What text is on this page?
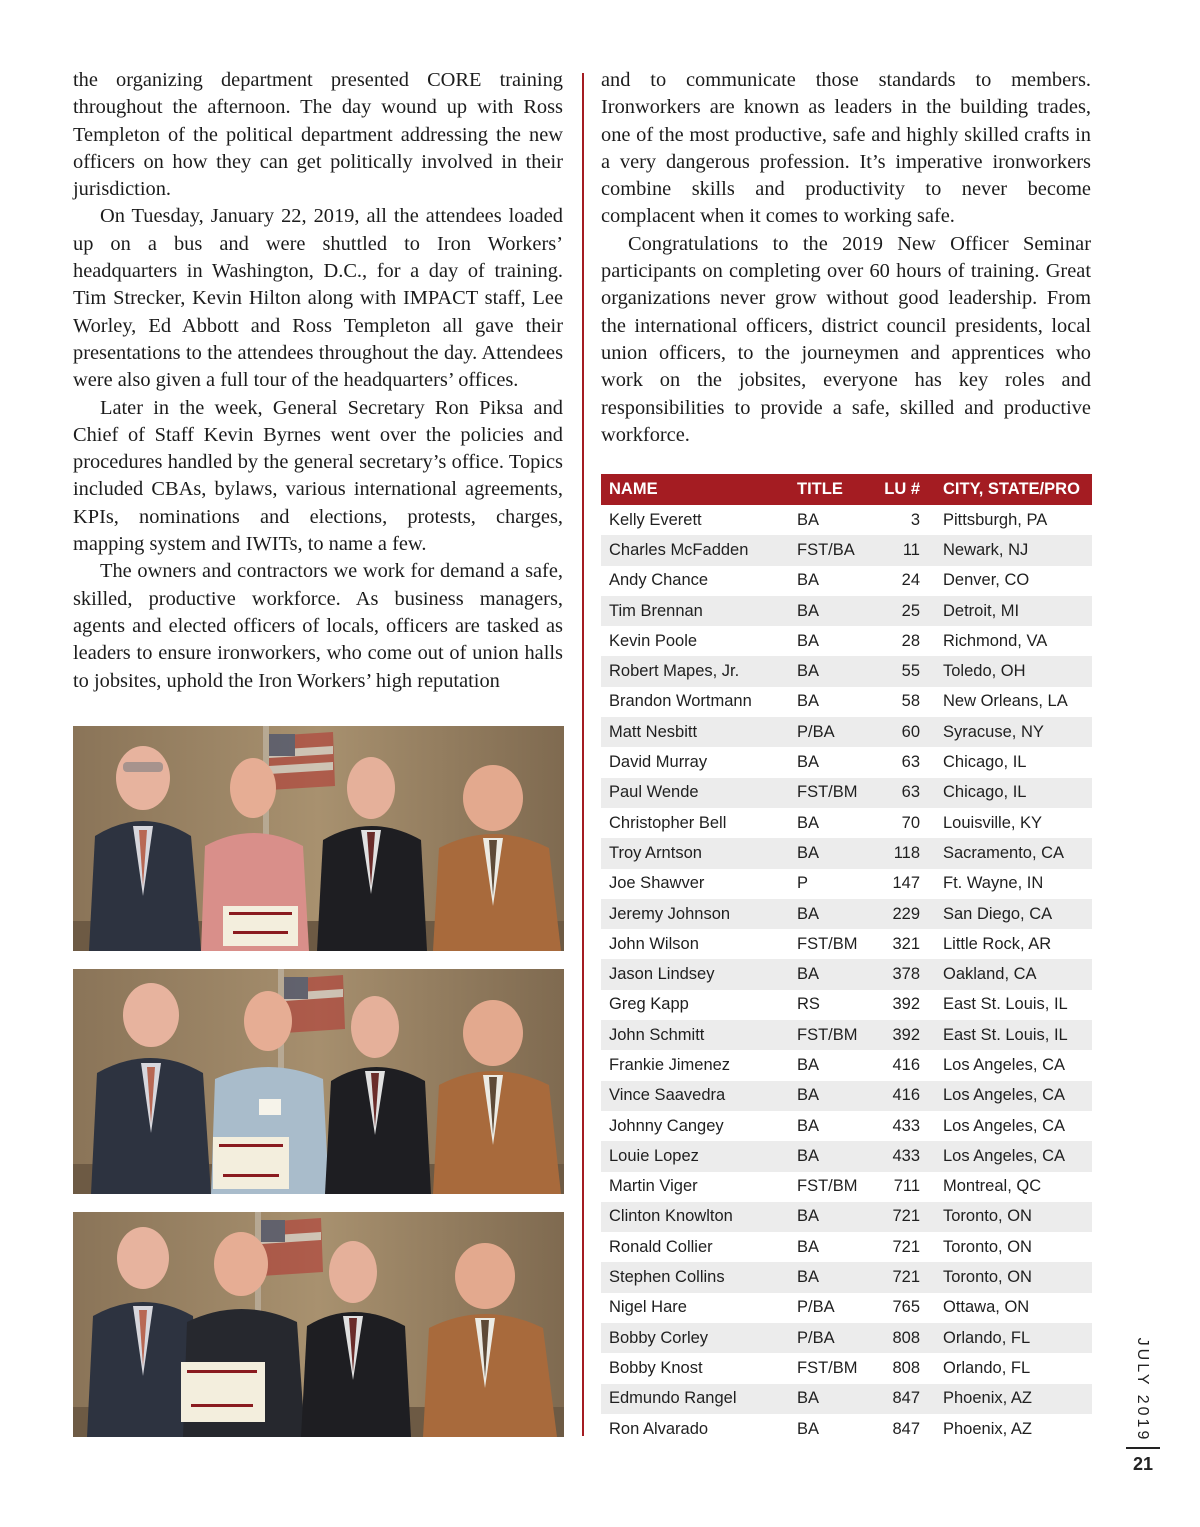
the organizing department presented CORE training throughout the afternoon. The day wound up with Ross Templeton of the political department addressing the new officers on how they can get politically involved in their jurisdiction.

On Tuesday, January 22, 2019, all the attendees loaded up on a bus and were shuttled to Iron Workers’ headquarters in Washington, D.C., for a day of training. Tim Strecker, Kevin Hilton along with IMPACT staff, Lee Worley, Ed Abbott and Ross Templeton all gave their presentations to the attendees throughout the day. Attendees were also given a full tour of the headquarters’ offices.

Later in the week, General Secretary Ron Piksa and Chief of Staff Kevin Byrnes went over the policies and procedures handled by the general secretary’s office. Topics included CBAs, bylaws, various international agreements, KPIs, nominations and elections, protests, charges, mapping system and IWITs, to name a few.

The owners and contractors we work for demand a safe, skilled, productive workforce. As business managers, agents and elected officers of locals, officers are tasked as leaders to ensure ironworkers, who come out of union halls to jobsites, uphold the Iron Workers’ high reputation

and to communicate those standards to members. Ironworkers are known as leaders in the building trades, one of the most productive, safe and highly skilled crafts in a very dangerous profession. It’s imperative ironworkers combine skills and productivity to never become complacent when it comes to working safe.

Congratulations to the 2019 New Officer Seminar participants on completing over 60 hours of training. Great organizations never grow without good leadership. From the international officers, district council presidents, local union officers, to the journeymen and apprentices who work on the jobsites, everyone has key roles and responsibilities to provide a safe, skilled and productive workforce.

NAME	TITLE	LU #	CITY, STATE/PRO
Kelly Everett	BA	3	Pittsburgh, PA
Charles McFadden	FST/BA	11	Newark, NJ
Andy Chance	BA	24	Denver, CO
Tim Brennan	BA	25	Detroit, MI
Kevin Poole	BA	28	Richmond, VA
Robert Mapes, Jr.	BA	55	Toledo, OH
Brandon Wortmann	BA	58	New Orleans, LA
Matt Nesbitt	P/BA	60	Syracuse, NY
David Murray	BA	63	Chicago, IL
Paul Wende	FST/BM	63	Chicago, IL
Christopher Bell	BA	70	Louisville, KY
Troy Arntson	BA	118	Sacramento, CA
Joe Shawver	P	147	Ft. Wayne, IN
Jeremy Johnson	BA	229	San Diego, CA
John Wilson	FST/BM	321	Little Rock, AR
Jason Lindsey	BA	378	Oakland, CA
Greg Kapp	RS	392	East St. Louis, IL
John Schmitt	FST/BM	392	East St. Louis, IL
Frankie Jimenez	BA	416	Los Angeles, CA
Vince Saavedra	BA	416	Los Angeles, CA
Johnny Cangey	BA	433	Los Angeles, CA
Louie Lopez	BA	433	Los Angeles, CA
Martin Viger	FST/BM	711	Montreal, QC
Clinton Knowlton	BA	721	Toronto, ON
Ronald Collier	BA	721	Toronto, ON
Stephen Collins	BA	721	Toronto, ON
Nigel Hare	P/BA	765	Ottawa, ON
Bobby Corley	P/BA	808	Orlando, FL
Bobby Knost	FST/BM	808	Orlando, FL
Edmundo Rangel	BA	847	Phoenix, AZ
Ron Alvarado	BA	847	Phoenix, AZ	JULY 2019
21
